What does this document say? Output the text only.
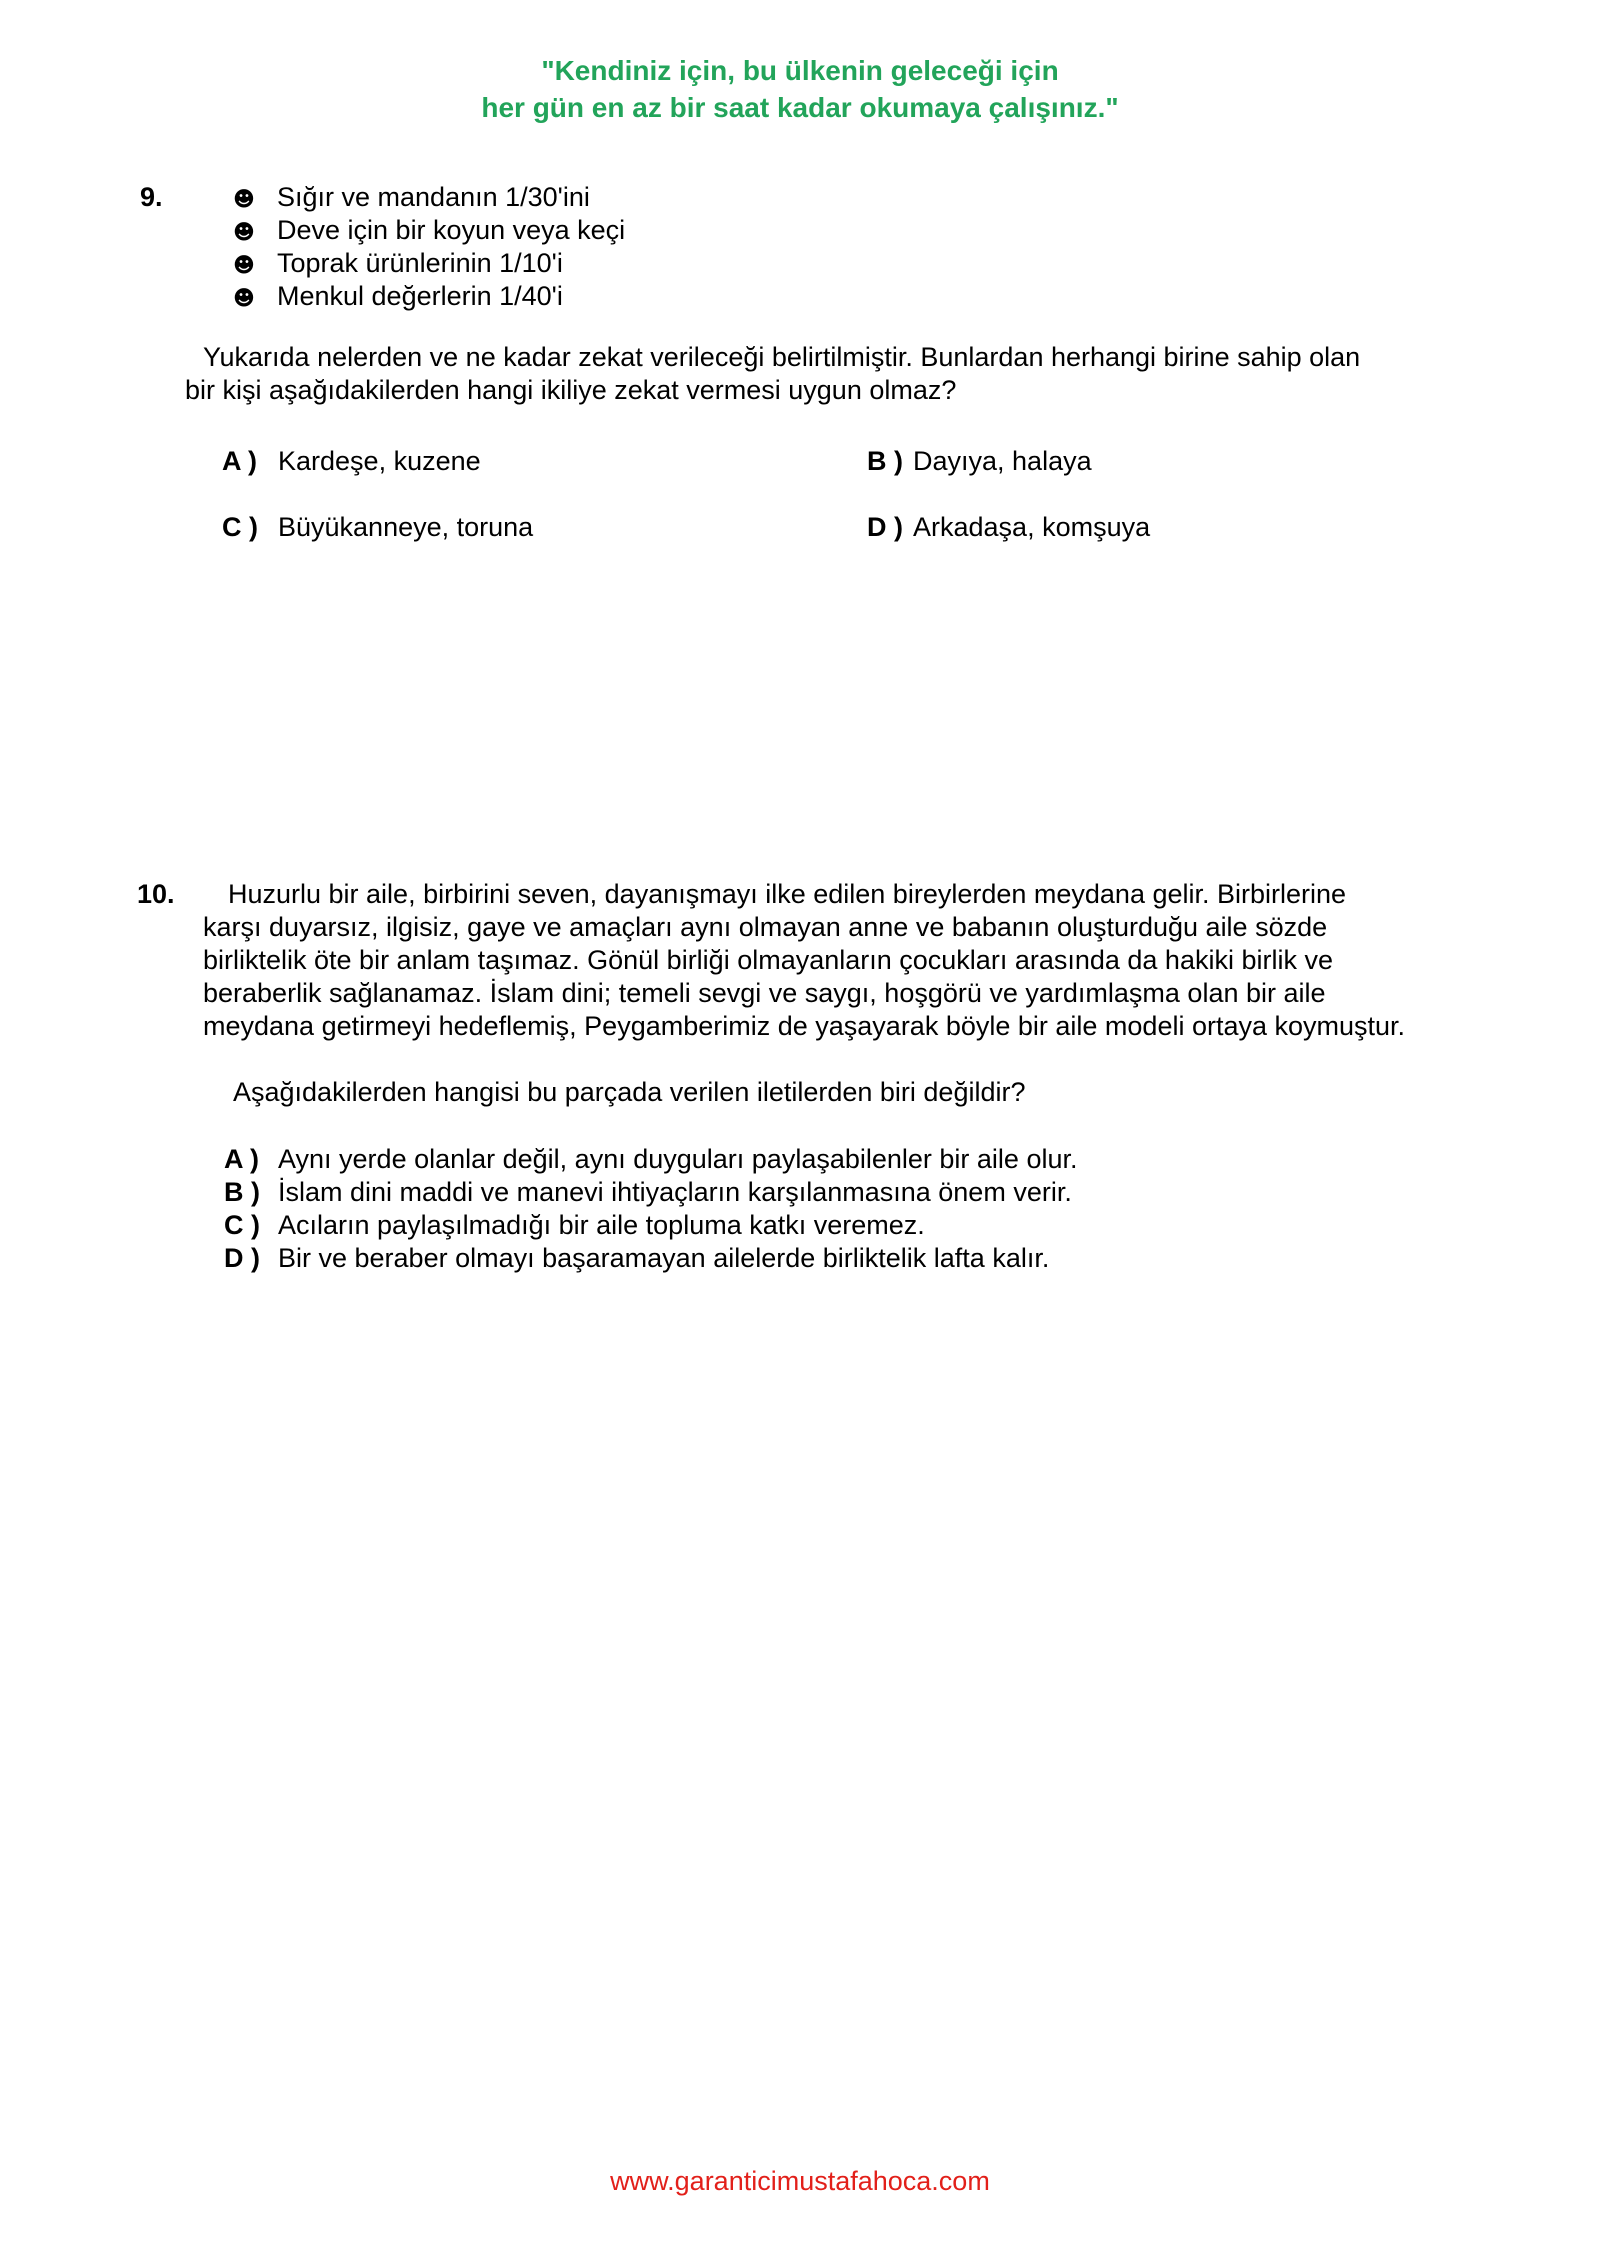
"Kendiniz için, bu ülkenin geleceği için
her gün en az bir saat kadar okumaya çalışınız."
9.	☻ Sığır ve mandanın 1/30'ini
☻ Deve için bir koyun veya keçi
☻ Toprak ürünlerinin 1/10'i
☻ Menkul değerlerin 1/40'i
Yukarıda nelerden ve ne kadar zekat verileceği belirtilmiştir. Bunlardan herhangi birine sahip olan
bir kişi aşağıdakilerden hangi ikiliye zekat vermesi uygun olmaz?
A ) Kardeşe, kuzene	B ) Dayıya, halaya
C ) Büyükanneye, toruna	D ) Arkadaşa, komşuya
10.	Huzurlu bir aile, birbirini seven, dayanışmayı ilke edilen bireylerden meydana gelir. Birbirlerine
karşı duyarsız, ilgisiz, gaye ve amaçları aynı olmayan anne ve babanın oluşturduğu aile sözde
birliktelik öte bir anlam taşımaz. Gönül birliği olmayanların çocukları arasında da hakiki birlik ve
beraberlik sağlanamaz. İslam dini; temeli sevgi ve saygı, hoşgörü ve yardımlaşma olan bir aile
meydana getirmeyi hedeflemiş, Peygamberimiz de yaşayarak böyle bir aile modeli ortaya koymuştur.
Aşağıdakilerden hangisi bu parçada verilen iletilerden biri değildir?
A ) Aynı yerde olanlar değil, aynı duyguları paylaşabilenler bir aile olur.
B ) İslam dini maddi ve manevi ihtiyaçların karşılanmasına önem verir.
C ) Acıların paylaşılmadığı bir aile topluma katkı veremez.
D ) Bir ve beraber olmayı başaramayan ailelerde birliktelik lafta kalır.
www.garanticimustafahoca.com
